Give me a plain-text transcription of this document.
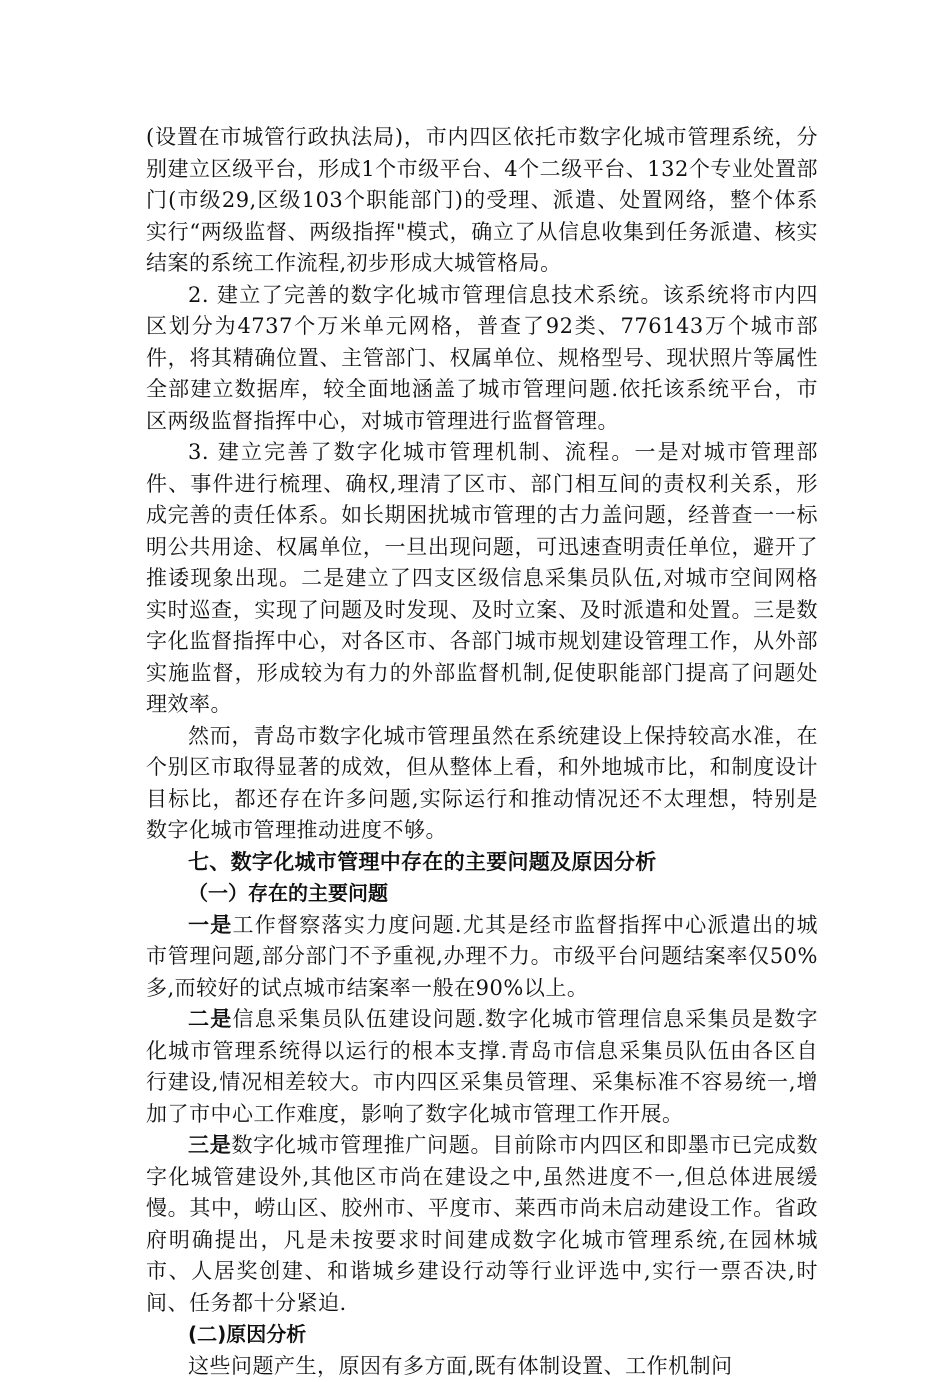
(设置在市城管行政执法局)，市内四区依托市数字化城市管理系统，分别建立区级平台，形成1个市级平台、4个二级平台、132个专业处置部门(市级29,区级103个职能部门)的受理、派遣、处置网络，整个体系实行“两级监督、两级指挥"模式，确立了从信息收集到任务派遣、核实结案的系统工作流程,初步形成大城管格局。

2. 建立了完善的数字化城市管理信息技术系统。该系统将市内四区划分为4737个万米单元网格，普查了92类、776143万个城市部件，将其精确位置、主管部门、权属单位、规格型号、现状照片等属性全部建立数据库，较全面地涵盖了城市管理问题.依托该系统平台，市区两级监督指挥中心，对城市管理进行监督管理。

3. 建立完善了数字化城市管理机制、流程。一是对城市管理部件、事件进行梳理、确权,理清了区市、部门相互间的责权利关系，形成完善的责任体系。如长期困扰城市管理的古力盖问题，经普查一一标明公共用途、权属单位，一旦出现问题，可迅速查明责任单位，避开了推诿现象出现。二是建立了四支区级信息采集员队伍,对城市空间网格实时巡查，实现了问题及时发现、及时立案、及时派遣和处置。三是数字化监督指挥中心，对各区市、各部门城市规划建设管理工作，从外部实施监督，形成较为有力的外部监督机制,促使职能部门提高了问题处理效率。

然而，青岛市数字化城市管理虽然在系统建设上保持较高水准，在个别区市取得显著的成效，但从整体上看，和外地城市比，和制度设计目标比，都还存在许多问题,实际运行和推动情况还不太理想，特别是数字化城市管理推动进度不够。

七、数字化城市管理中存在的主要问题及原因分析

（一）存在的主要问题

一是工作督察落实力度问题.尤其是经市监督指挥中心派遣出的城市管理问题,部分部门不予重视,办理不力。市级平台问题结案率仅50%多,而较好的试点城市结案率一般在90%以上。

二是信息采集员队伍建设问题.数字化城市管理信息采集员是数字化城市管理系统得以运行的根本支撑.青岛市信息采集员队伍由各区自行建设,情况相差较大。市内四区采集员管理、采集标准不容易统一,增加了市中心工作难度，影响了数字化城市管理工作开展。

三是数字化城市管理推广问题。目前除市内四区和即墨市已完成数字化城管建设外,其他区市尚在建设之中,虽然进度不一,但总体进展缓慢。其中，崂山区、胶州市、平度市、莱西市尚未启动建设工作。省政府明确提出，凡是未按要求时间建成数字化城市管理系统,在园林城市、人居奖创建、和谐城乡建设行动等行业评选中,实行一票否决,时间、任务都十分紧迫.

(二)原因分析

这些问题产生，原因有多方面,既有体制设置、工作机制问
